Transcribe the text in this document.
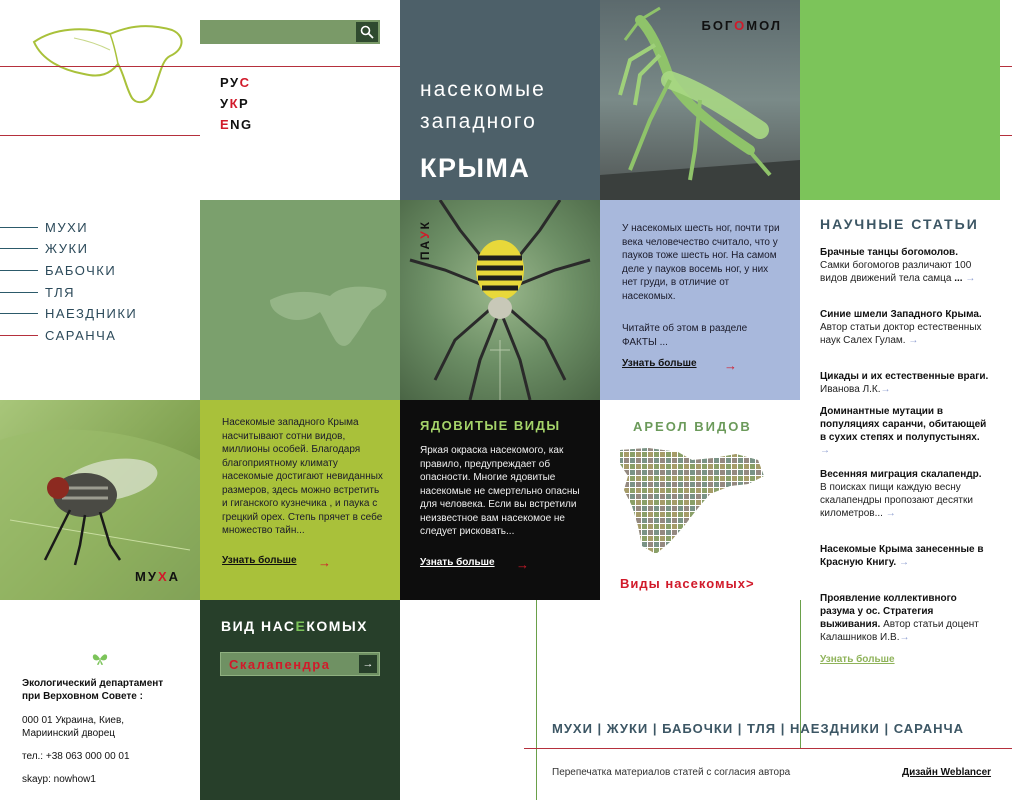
РУС
УКР
ENG
насекомые
западного
КРЫМА
БОГОМОЛ
МУХИ
ЖУКИ
БАБОЧКИ
ТЛЯ
НАЕЗДНИКИ
САРАНЧА
ПАУК	У насекомых шесть ног, почти три века человечество считало, что у пауков тоже шесть ног. На самом деле у пауков восемь ног, у них нет груди, в отличие от насекомых.
Читайте об этом в разделе ФАКТЫ ...
Узнать больше →
НАУЧНЫЕ СТАТЬИ
Брачные танцы богомолов. Самки богомогов различают 100 видов движений тела самца ... →
Синие шмели Западного Крыма. Автор статьи доктор естественных наук Салех Гулам. →
Цикады и их естественные враги. Иванова Л.К.→
Доминантные мутации в популяциях саранчи, обитающей в сухих степях и полупустынях. →
Весенняя миграция скалапендр. В поисках пищи каждую весну скалапендры пропозают десятки километров... →
Насекомые Крыма занесенные в Красную Книгу. →
Проявление коллективного разума у ос. Стратегия выживания. Автор статьи доцент Калашников И.В.→
Узнать больше
МУХА
Насекомые западного Крыма насчитывают сотни видов, миллионы особей. Благодаря благоприятному климату насекомые достигают невиданных размеров, здесь можно встретить и гиганского кузнечика , и паука с грецкий орех. Степь прячет в себе множество тайн...
Узнать больше →
ЯДОВИТЫЕ ВИДЫ
Яркая окраска насекомого, как правило, предупреждает об опасности. Многие ядовитые насекомые не смертельно опасны для человека. Если вы встретили неизвестное вам насекомое не следует рисковать...
Узнать больше →
АРЕОЛ ВИДОВ
Виды насекомых>
ВИД НАСЕКОМЫХ
Скалапендра	→
Экологический департамент
при Верховном Совете :
000 01 Украина, Киев,
Мариинский дворец
тел.: +38 063 000 00 01
skayp: nowhow1
МУХИ | ЖУКИ | БАБОЧКИ | ТЛЯ | НАЕЗДНИКИ | САРАНЧА
Перепечатка материалов статей с согласия автора	Дизайн Weblancer
